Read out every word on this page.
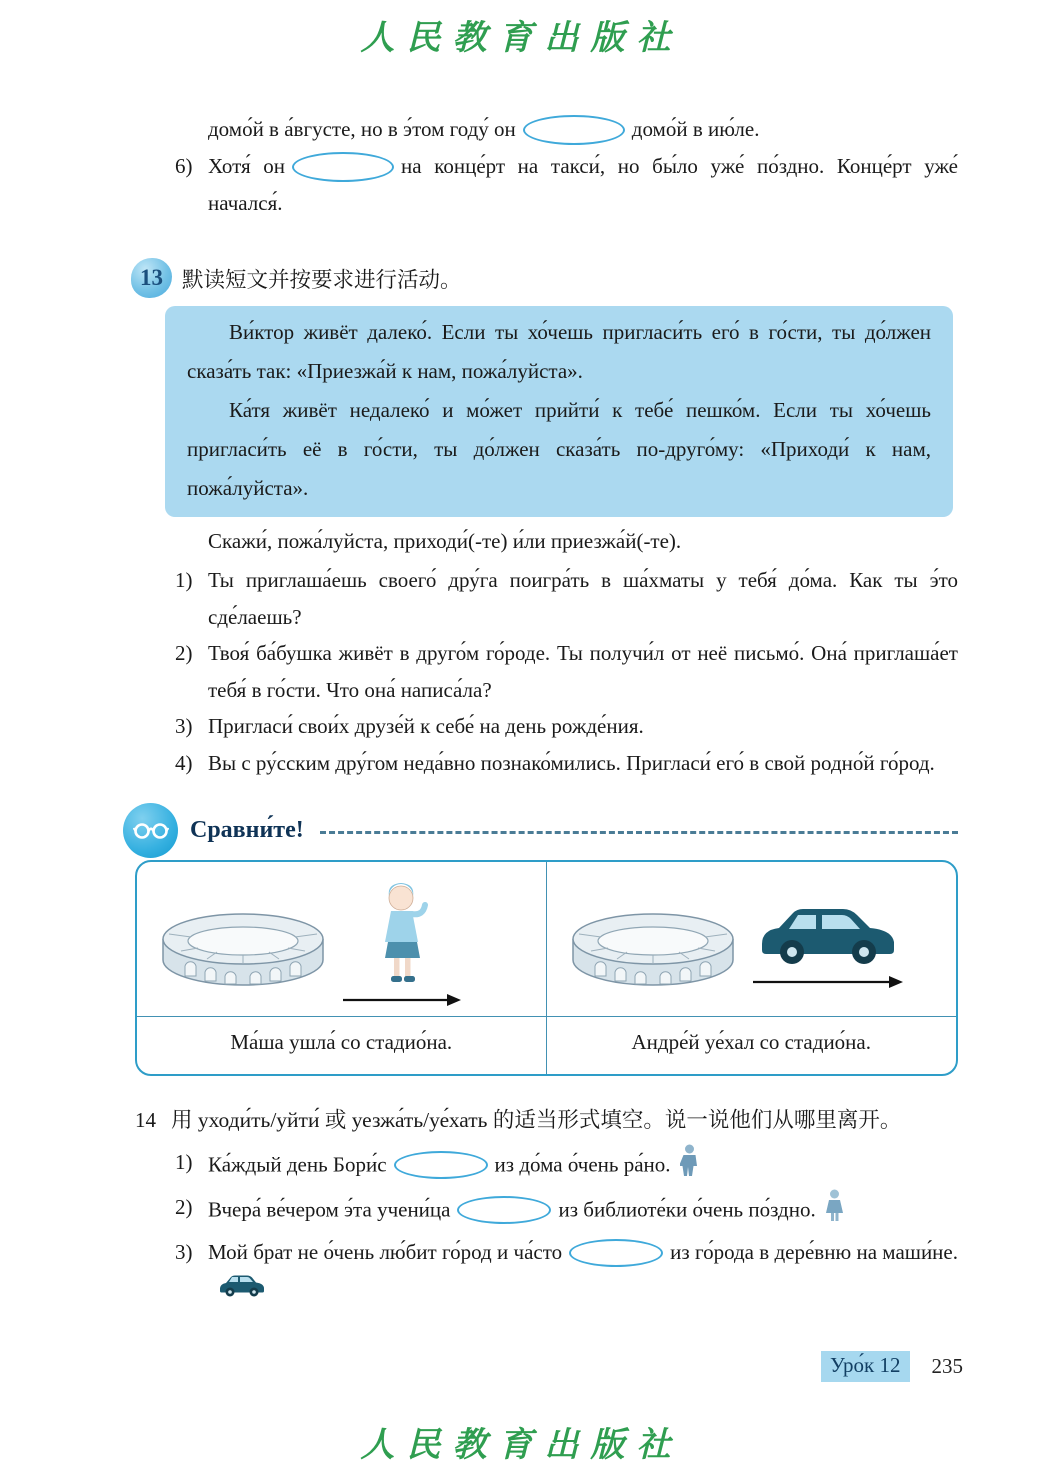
人民教育出版社

домо́й в а́вгусте, но в э́том году́ он	домо́й в ию́ле.

6) Хотя́ он	на конце́рт на такси́, но бы́ло уже́ по́здно. Конце́рт уже́ начался́.

13 默读短文并按要求进行活动。

Ви́ктор живёт далеко́. Если ты хо́чешь пригласи́ть его́ в го́сти, ты до́лжен сказа́ть так: «Приезжа́й к нам, пожа́луйста».

Ка́тя живёт недалеко́ и мо́жет прийти́ к тебе́ пешко́м. Если ты хо́чешь пригласи́ть её в го́сти, ты до́лжен сказа́ть по-друго́му: «Приходи́ к нам, пожа́луйста».

Скажи́, пожа́луйста, приходи́(-те) и́ли приезжа́й(-те).

1) Ты приглаша́ешь своего́ дру́га поигра́ть в ша́хматы у тебя́ до́ма. Как ты э́то сде́лаешь?

2) Твоя́ ба́бушка живёт в друго́м го́роде. Ты получи́л от неё письмо́. Она́ приглаша́ет тебя́ в го́сти. Что она́ написа́ла?

3) Пригласи́ свои́х друзе́й к себе́ на день рожде́ния.

4) Вы с ру́сским дру́гом неда́вно познако́мились. Пригласи́ его́ в свой родно́й го́род.

Сравни́те!
Ма́ша ушла́ со стадио́на.	Андре́й уе́хал со стадио́на.
14 用 уходи́ть/уйти́ 或 уезжа́ть/уе́хать 的适当形式填空。说一说他们从哪里离开。
1) Ка́ждый день Бори́с	из до́ма о́чень ра́но.

2) Вчера́ ве́чером э́та учени́ца	из библиоте́ки о́чень по́здно.

3) Мой брат не о́чень лю́бит го́род и ча́сто	из го́рода в дере́вню на маши́не.

Уро́к 12	235
人民教育出版社
